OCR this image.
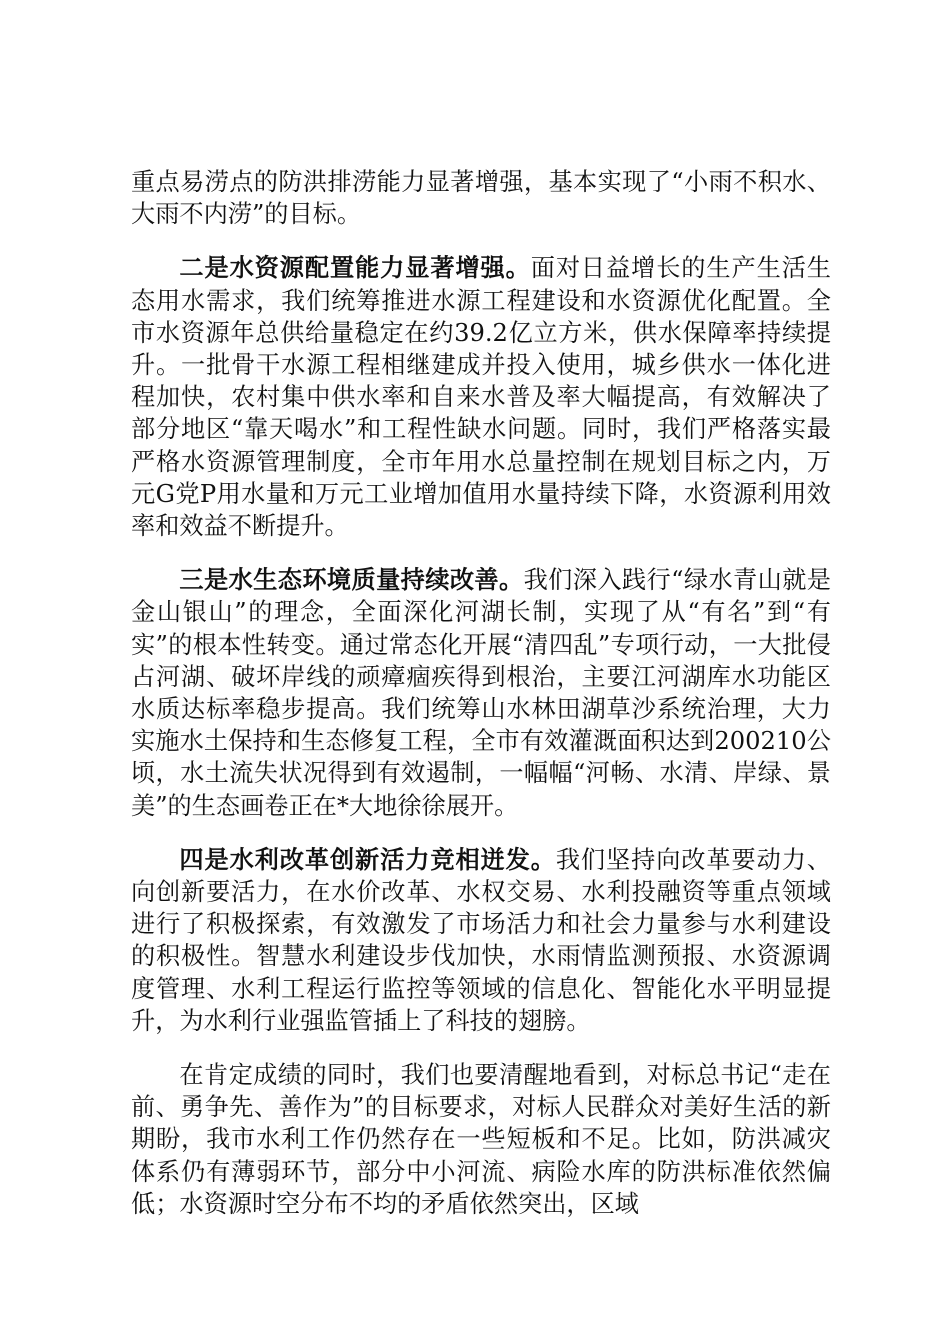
重点易涝点的防洪排涝能力显著增强，基本实现了“小雨不积水、大雨不内涝”的目标。

二是水资源配置能力显著增强。面对日益增长的生产生活生态用水需求，我们统筹推进水源工程建设和水资源优化配置。全市水资源年总供给量稳定在约39.2亿立方米，供水保障率持续提升。一批骨干水源工程相继建成并投入使用，城乡供水一体化进程加快，农村集中供水率和自来水普及率大幅提高，有效解决了部分地区“靠天喝水”和工程性缺水问题。同时，我们严格落实最严格水资源管理制度，全市年用水总量控制在规划目标之内，万元G党P用水量和万元工业增加值用水量持续下降，水资源利用效率和效益不断提升。

三是水生态环境质量持续改善。我们深入践行“绿水青山就是金山银山”的理念，全面深化河湖长制，实现了从“有名”到“有实”的根本性转变。通过常态化开展“清四乱”专项行动，一大批侵占河湖、破坏岸线的顽瘴痼疾得到根治，主要江河湖库水功能区水质达标率稳步提高。我们统筹山水林田湖草沙系统治理，大力实施水土保持和生态修复工程，全市有效灌溉面积达到200210公顷，水土流失状况得到有效遏制，一幅幅“河畅、水清、岸绿、景美”的生态画卷正在*大地徐徐展开。

四是水利改革创新活力竞相迸发。我们坚持向改革要动力、向创新要活力，在水价改革、水权交易、水利投融资等重点领域进行了积极探索，有效激发了市场活力和社会力量参与水利建设的积极性。智慧水利建设步伐加快，水雨情监测预报、水资源调度管理、水利工程运行监控等领域的信息化、智能化水平明显提升，为水利行业强监管插上了科技的翅膀。

在肯定成绩的同时，我们也要清醒地看到，对标总书记“走在前、勇争先、善作为”的目标要求，对标人民群众对美好生活的新期盼，我市水利工作仍然存在一些短板和不足。比如，防洪减灾体系仍有薄弱环节，部分中小河流、病险水库的防洪标准依然偏低；水资源时空分布不均的矛盾依然突出，区域
